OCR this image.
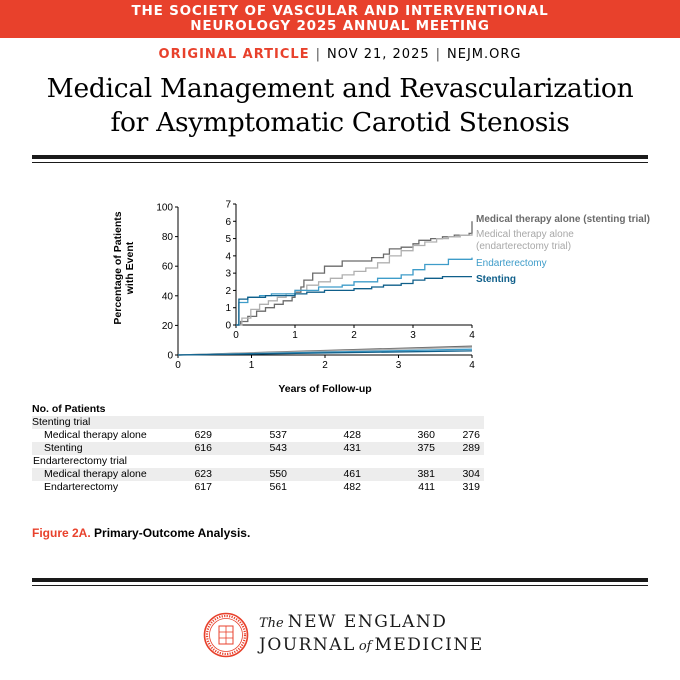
THE SOCIETY OF VASCULAR AND INTERVENTIONAL
NEUROLOGY 2025 ANNUAL MEETING
ORIGINAL ARTICLE | NOV 21, 2025 | NEJM.ORG
Medical Management and Revascularization
for Asymptomatic Carotid Stenosis
0	1	2	3	4
0
20
40
60
80
100
0	1	2	3	4
0
1
2
3
4
5
6
7
Percentage of Patients with Event
Years of Follow-up
Medical therapy alone (stenting trial)
Medical therapy alone
(endarterectomy trial)
Endarterectomy
Stenting
No. of Patients
Stenting trial
Medical therapy alone	629	537	428	360	276
Stenting	616	543	431	375	289
Endarterectomy trial
Medical therapy alone	623	550	461	381	304
Endarterectomy	617	561	482	411	319
Figure 2A. Primary-Outcome Analysis.
The NEW ENGLAND
JOURNAL of MEDICINE
